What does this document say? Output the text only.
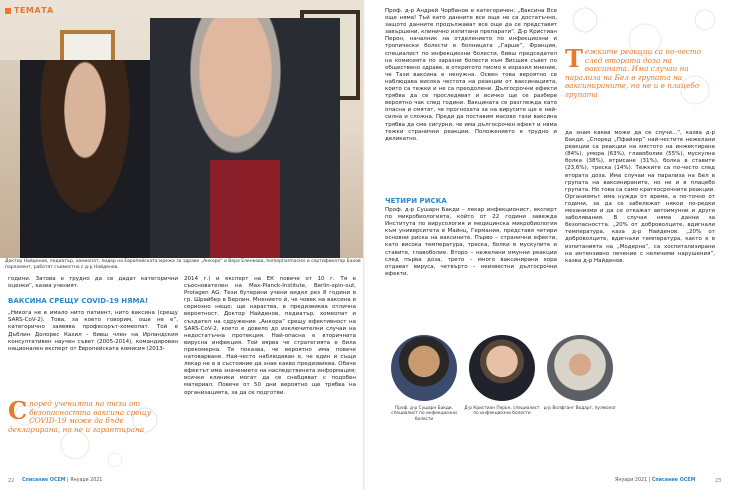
ТЕМАТА
Доктор Найденов, педиатър, хомеопат, лидер на Европейската мрежа за здраве „Анкора“ и Вера Еленкова, homepharmacies и сертификатор Бахов парламент, работят съвместно с д-р Найденов.

години. Затова е трудно да се дадат категорични оценки“, казва ученият.

ВАКСИНА СРЕЩУ COVID-19 НЯМА!

„Никога не е имало нито патиент, нито ваксина (срещу SARS-CoV-2). Това, за което говорим, още не е“, категорично заявява професорът-хомеопат. Той е Дъблин Долорес Кахил - бивш член на Ирландския консултативен научен съвет (2005-2014), командирован национален експерт от Европейската комисия (2013-

2014 г.) и експерт на ЕК повече от 10 г. Тя е съоснователен на Max-Planck-Institute, Berlin-spin-out, Protagen AG. Тези бутерини учени видял рез 8 години в гр. Шрайбер в Берлин. Мнението ѝ, че човек на ваксина е сериозно нещо: ще нараства, в предизвиква отлична вероятност. Доктор Найденов, педиатър, хомеопат и създател на сдружение „Анкора“ срещу ефективност на SARS-CoV-2, което е довело до изключителни случаи на недостатъчна протекция. Най-опасна е вторичната вирусна инфекция. Той вярва че стратегията е била прекомерна. Тя показва, че вероятно има повече натоварване. Най-често наблюдаван е, че един и същи лекар не е в състояние да знае какво предизвиква. Обаче ефектът има значението на наследствената информация; всички клиники могат да се снабдяват с подобен материал. Повече от 50 дни вероятно ще трябва на организацията, за да се подготви.

Според ученията на тези от безопасността ваксина срещу COVID-19 може да бъде декларирана, но не и гарантирана
22 Списание ОСЕМ | Януари 2021

Проф. д-р Андрей Чорбанов е категоричен: „Ваксина Все още няма! Тъй като данните все още не са достатъчно, защото данните продължават все още да се представят завършени, клинично изпитани препарати“. Д-р Кристиан Перон, началник на отделението по инфекциозни и тропически болести в болницата „Гарше“, Франция, специалист по инфекциозни болести, бивш председател на комисията по заразни болести към Висшия съвет по обществено здраве, в откритото писмо е изразил мнение, че Тази ваксина е ненужна. Освен това вероятно се наблюдава висока честота на реакции от ваксинацията, които са тежки и не са преодолени. Дългосрочни ефекти трябва да се проследяват и всичко ще се разбере вероятно чак след години. Вакцината се разглежда като опасна и смятат, че прогнозата за на вирусите ще е най-силна и сложна. Преди да поставим масово тази ваксина трябва да сме сигурни, че има дългосрочен ефект и няма тежки странични реакции. Положението е трудно и деликатно.

ЧЕТИРИ РИСКА

Проф. д-р Сушарн Бакди – лекар инфекционист, експерт по микробиологията, който от 22 години завежда Института по вирусология и медицинска микробиология към университета в Майнц, Германия, представя четири основни риска на ваксините. Първо – странични ефекти, като висока температура, треска, болки в мускулите и ставите, главоболие. Второ – нежелани имунни реакции след първа доза, трето – много ваксинирани хора отдават вируса, четвърто – неизвестни дългосрочни ефекти.

Тежките реакции са по-често след втората доза на ваксината. Има случаи на парализа на Бел в групата на ваксинираните, но не и в плацебо групата

да знам каква може да се случи...“, казва д-р Бакди. „Според „Пфайзер“ най-честите нежелани реакции са реакции на мястото на инжектиране (84%), умора (63%), главоболие (55%), мускулна болка (38%), втрисане (31%), болка в ставите (23,6%), треска (14%). Тежките са по-често след втората доза. Има случаи на парализа на Бел в групата на ваксинираните, но не и в плацебо групата. Но това са само краткосрочните реакции. Организмът има нужда от време, а по-точно от години, за да се забележат някои по-редки механизми и да се откажат автоимунни и други заболявания. В случая няма данни за безопасността. „20% от доброволците, вдигнали температура, каза д-р Найденов. „20% от доброволците, вдигнали температура, както е в изпитанията на „Модерна“, са хоспитализирани на интензивно лечение с нелечими нарушения“, казва д-р Найденов.

Проф. д-р Сушарн Бакди, специалист по инфекциозни болести
Д-р Кристиан Перон, специалист по инфекциозни болести
д-р Волфганг Водарг, пулмолог
Януари 2021 | Списание ОСЕМ	23
